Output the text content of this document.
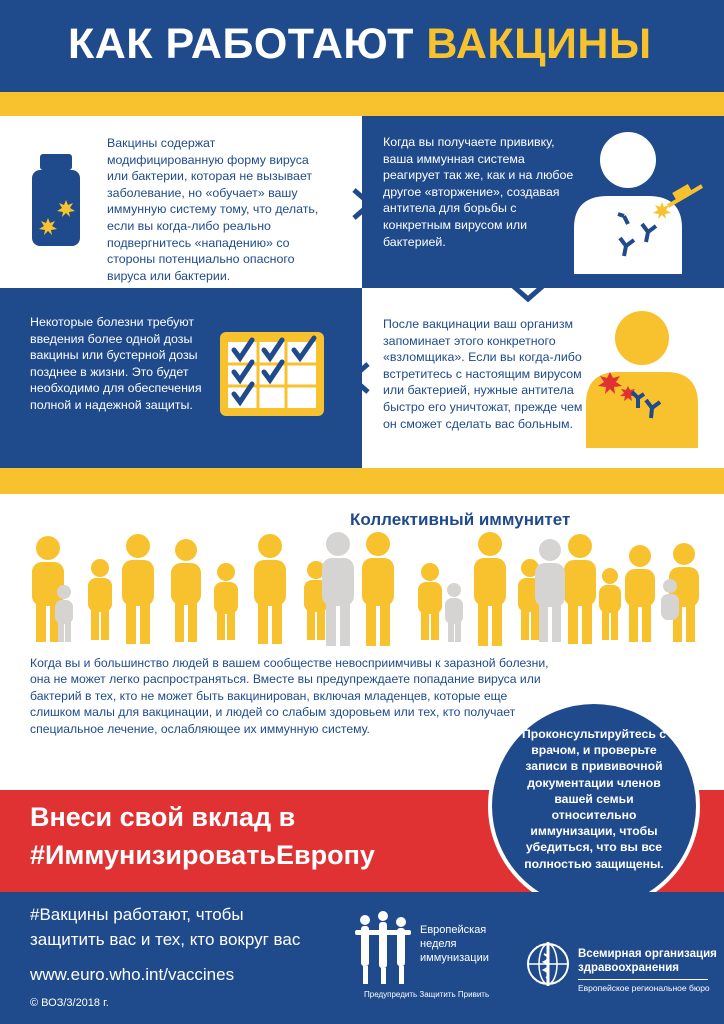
КАК РАБОТАЮТ ВАКЦИНЫ
Вакцины содержат модифицированную форму вируса или бактерии, которая не вызывает заболевание, но «обучает» вашу иммунную систему тому, что делать, если вы когда-либо реально подвергнитесь «нападению» со стороны потенциально опасного вируса или бактерии.
Когда вы получаете прививку, ваша иммунная система реагирует так же, как и на любое другое «вторжение», создавая антитела для борьбы с конкретным вирусом или бактерией.
Некоторые болезни требуют введения более одной дозы вакцины или бустерной дозы позднее в жизни. Это будет необходимо для обеспечения полной и надежной защиты.
После вакцинации ваш организм запоминает этого конкретного «взломщика». Если вы когда-либо встретитесь с настоящим вирусом или бактерией, нужные антитела быстро его уничтожат, прежде чем он сможет сделать вас больным.
Коллективный иммунитет
Когда вы и большинство людей в вашем сообществе невосприимчивы к заразной болезни, она не может легко распространяться. Вместе вы предупреждаете попадание вируса или бактерий в тех, кто не может быть вакцинирован, включая младенцев, которые еще слишком малы для вакцинации, и людей со слабым здоровьем или тех, кто получает специальное лечение, ослабляющее их иммунную систему.
Внеси свой вклад в
#ИммунизироватьЕвропу
Проконсультируйтесь с врачом, и проверьте записи в прививочной документации членов вашей семьи относительно иммунизации, чтобы убедиться, что вы все полностью защищены.
#Вакцины работают, чтобы
защитить вас и тех, кто вокруг вас
www.euro.who.int/vaccines
© ВОЗ/3/2018 г.
Европейская
неделя
иммунизации
Предупредить Защитить Привить
Всемирная организация
здравоохранения
Европейское региональное бюро
